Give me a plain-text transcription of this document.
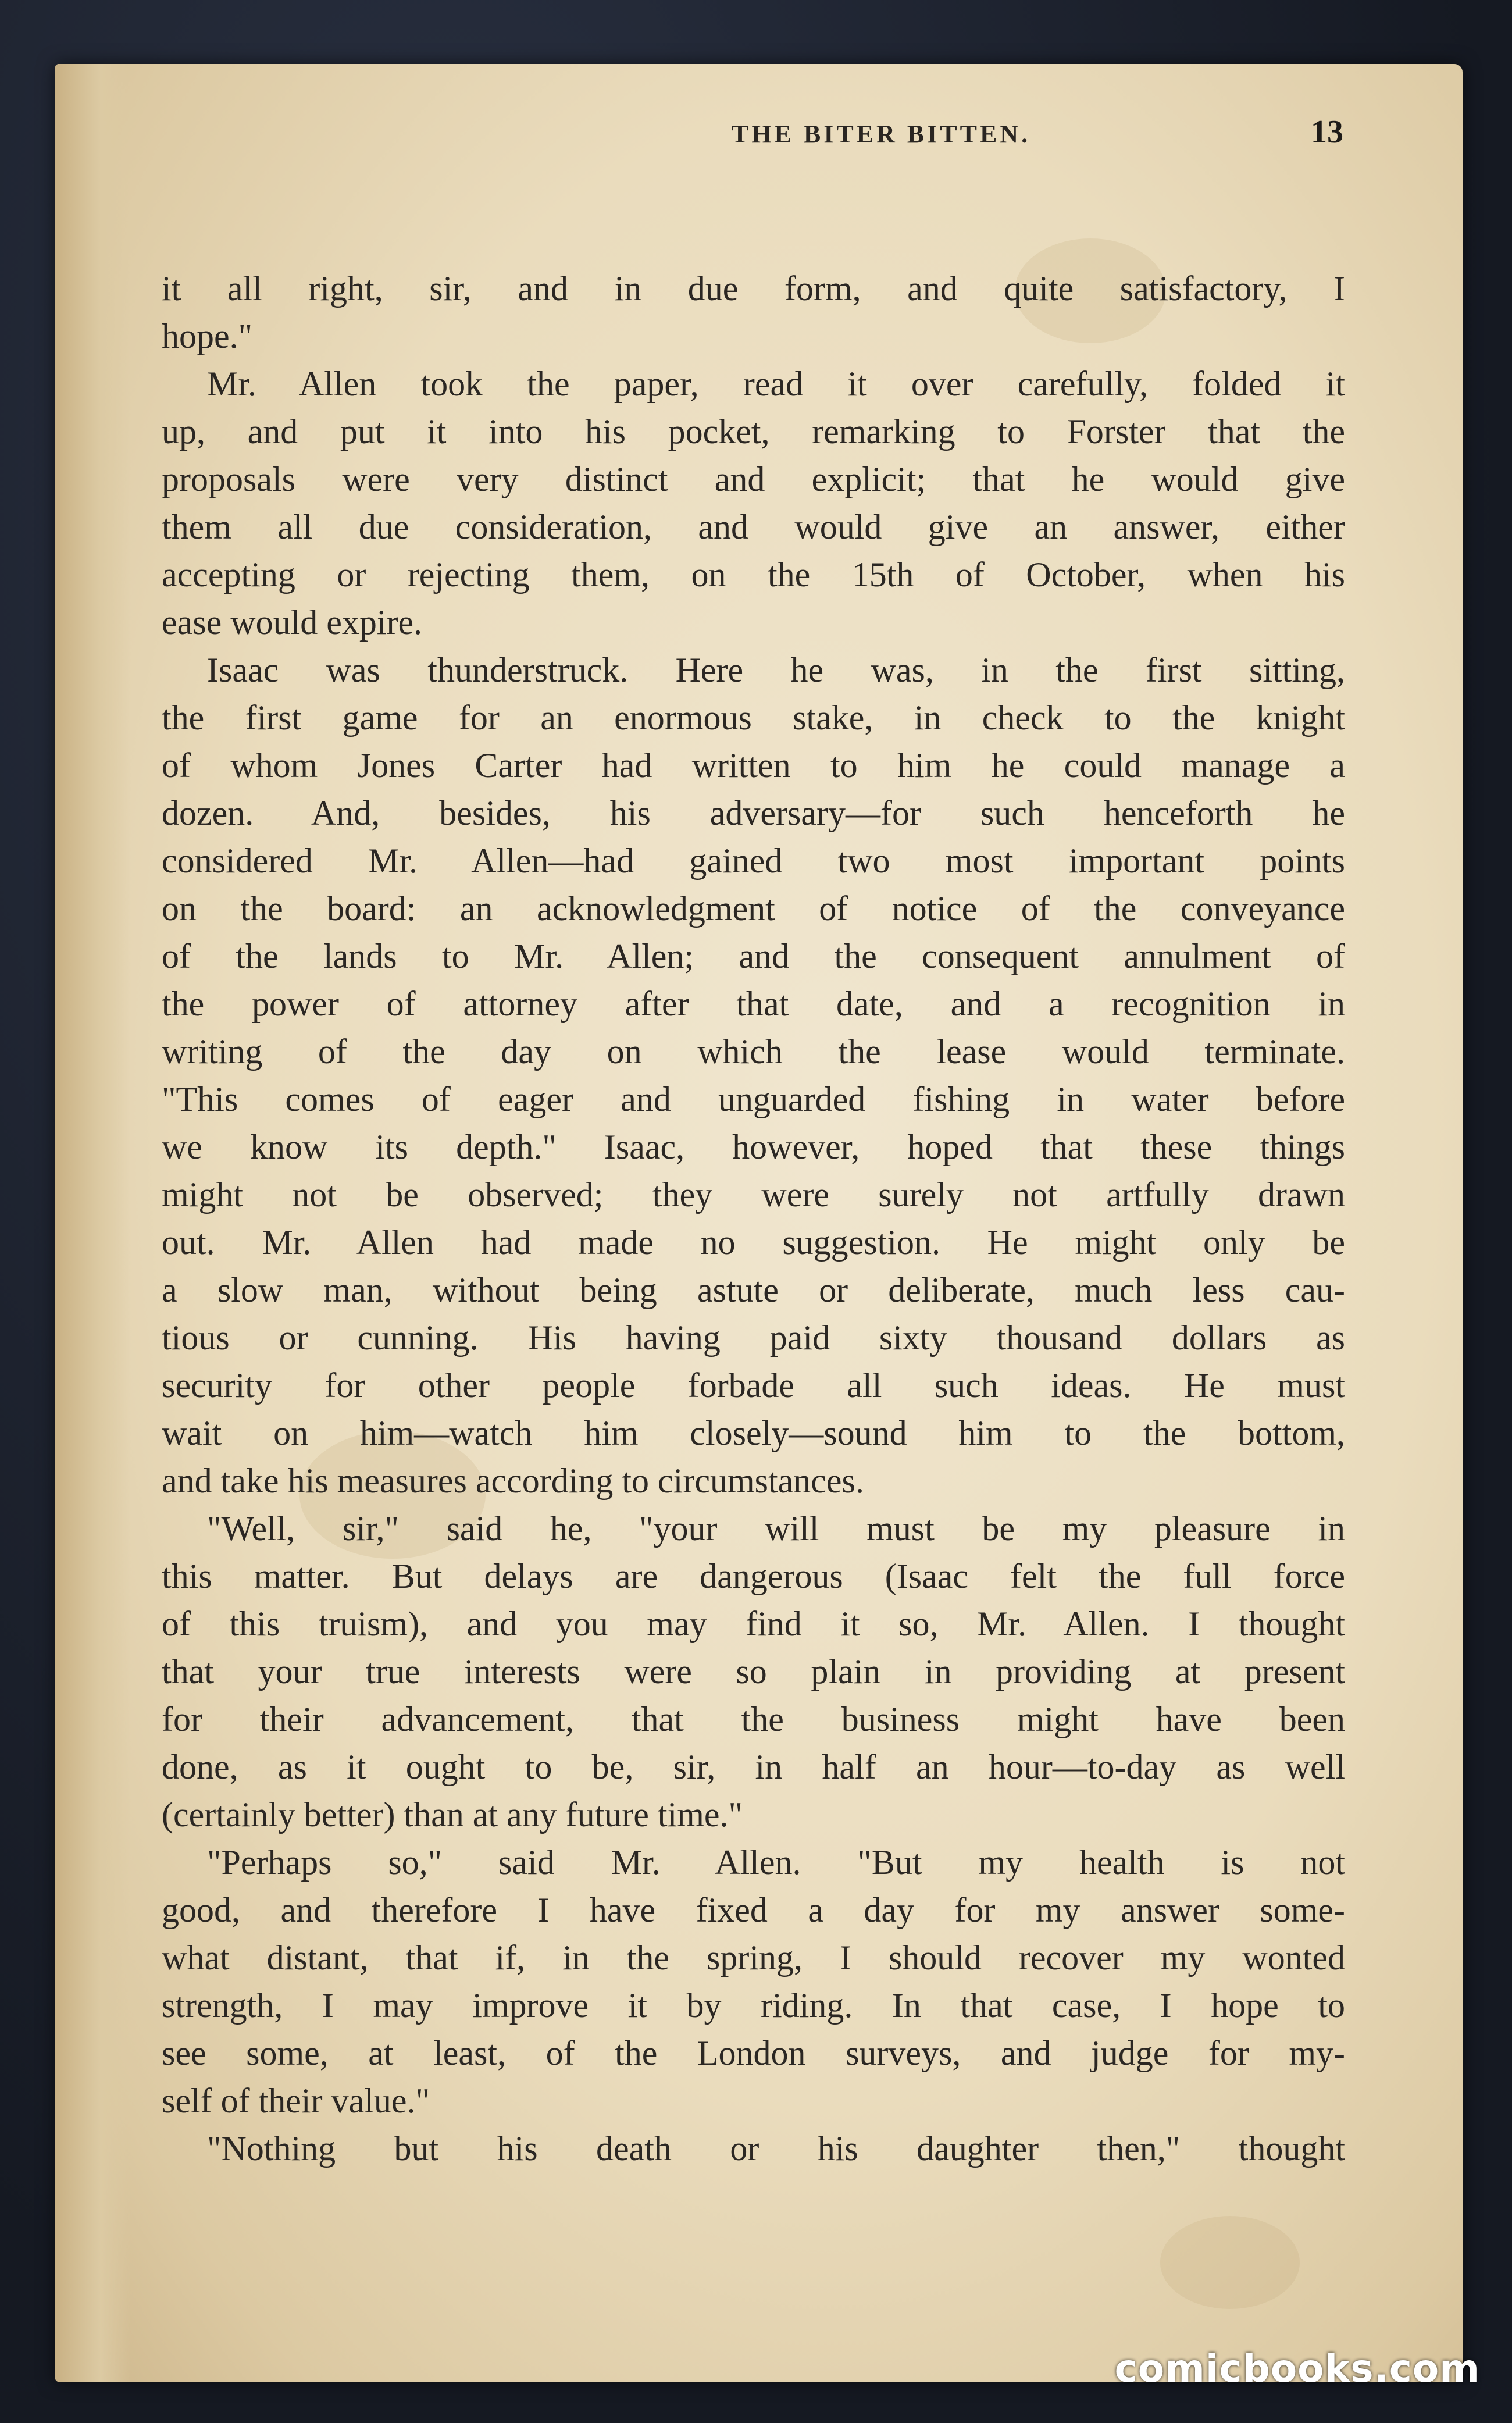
THE BITER BITTEN.	13
it all right, sir, and in due form, and quite satisfactory, I
hope."
Mr. Allen took the paper, read it over carefully, folded it
up, and put it into his pocket, remarking to Forster that the
proposals were very distinct and explicit; that he would give
them all due consideration, and would give an answer, either
accepting or rejecting them, on the 15th of October, when his
ease would expire.
Isaac was thunderstruck. Here he was, in the first sitting,
the first game for an enormous stake, in check to the knight
of whom Jones Carter had written to him he could manage a
dozen. And, besides, his adversary—for such henceforth he
considered Mr. Allen—had gained two most important points
on the board: an acknowledgment of notice of the conveyance
of the lands to Mr. Allen; and the consequent annulment of
the power of attorney after that date, and a recognition in
writing of the day on which the lease would terminate.
"This comes of eager and unguarded fishing in water before
we know its depth." Isaac, however, hoped that these things
might not be observed; they were surely not artfully drawn
out. Mr. Allen had made no suggestion. He might only be
a slow man, without being astute or deliberate, much less cau-
tious or cunning. His having paid sixty thousand dollars as
security for other people forbade all such ideas. He must
wait on him—watch him closely—sound him to the bottom,
and take his measures according to circumstances.
"Well, sir," said he, "your will must be my pleasure in
this matter. But delays are dangerous (Isaac felt the full force
of this truism), and you may find it so, Mr. Allen. I thought
that your true interests were so plain in providing at present
for their advancement, that the business might have been
done, as it ought to be, sir, in half an hour—to-day as well
(certainly better) than at any future time."
"Perhaps so," said Mr. Allen. "But my health is not
good, and therefore I have fixed a day for my answer some-
what distant, that if, in the spring, I should recover my wonted
strength, I may improve it by riding. In that case, I hope to
see some, at least, of the London surveys, and judge for my-
self of their value."
"Nothing but his death or his daughter then," thought
comicbooks.com
